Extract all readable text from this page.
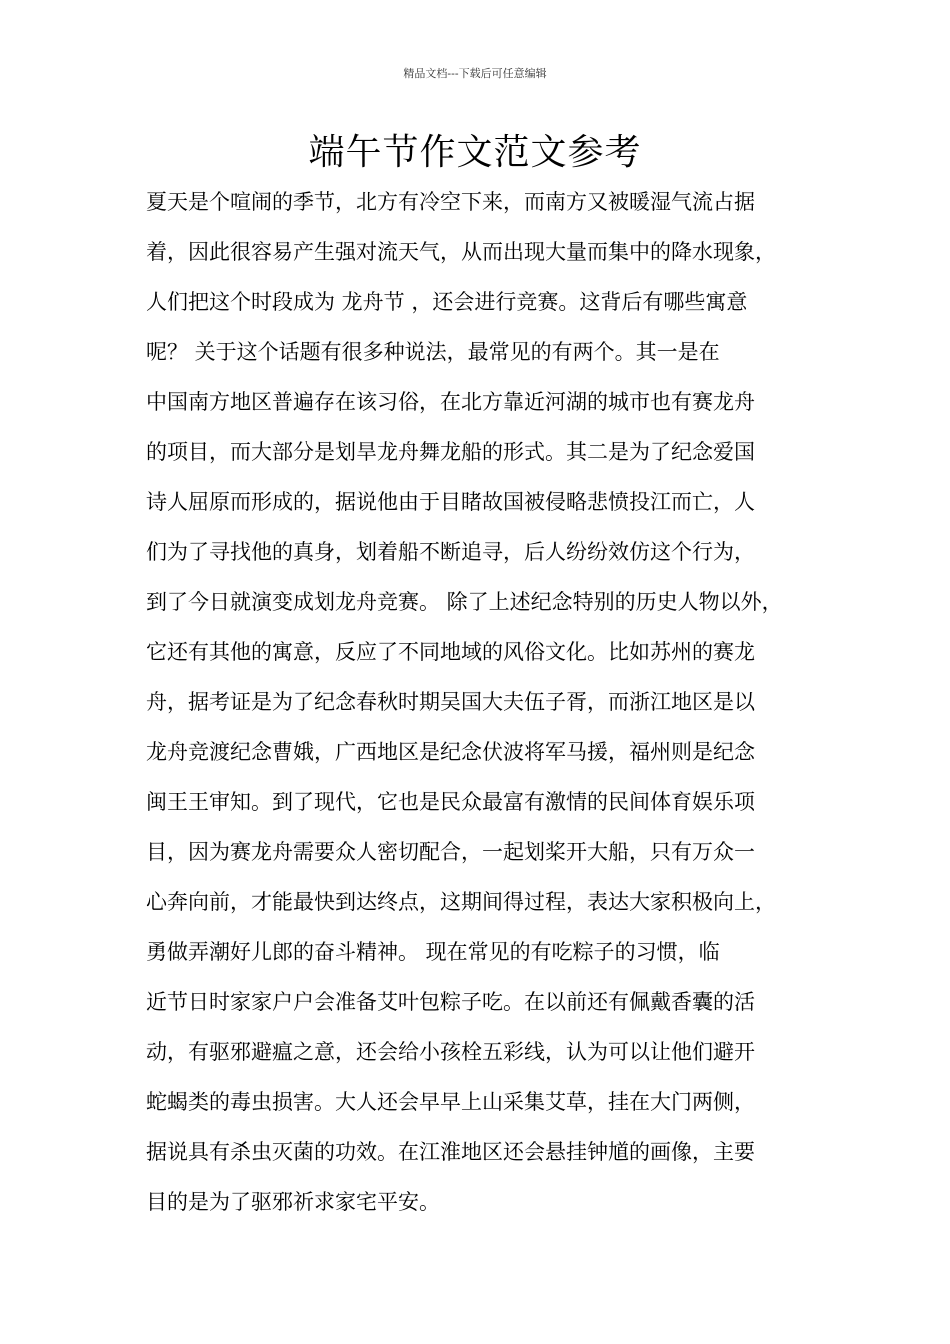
精品文档---下载后可任意编辑
端午节作文范文参考
夏天是个喧闹的季节，北方有冷空下来，而南方又被暖湿气流占据
着，因此很容易产生强对流天气，从而出现大量而集中的降水现象，
人们把这个时段成为 龙舟节 ，还会进行竞赛。这背后有哪些寓意
呢？ 关于这个话题有很多种说法，最常见的有两个。其一是在
中国南方地区普遍存在该习俗，在北方靠近河湖的城市也有赛龙舟
的项目，而大部分是划旱龙舟舞龙船的形式。其二是为了纪念爱国
诗人屈原而形成的，据说他由于目睹故国被侵略悲愤投江而亡，人
们为了寻找他的真身，划着船不断追寻，后人纷纷效仿这个行为，
到了今日就演变成划龙舟竞赛。 除了上述纪念特别的历史人物以外，
它还有其他的寓意，反应了不同地域的风俗文化。比如苏州的赛龙
舟，据考证是为了纪念春秋时期吴国大夫伍子胥，而浙江地区是以
龙舟竞渡纪念曹娥，广西地区是纪念伏波将军马援，福州则是纪念
闽王王审知。到了现代，它也是民众最富有激情的民间体育娱乐项
目，因为赛龙舟需要众人密切配合，一起划桨开大船，只有万众一
心奔向前，才能最快到达终点，这期间得过程，表达大家积极向上，
勇做弄潮好儿郎的奋斗精神。 现在常见的有吃粽子的习惯，临
近节日时家家户户会准备艾叶包粽子吃。在以前还有佩戴香囊的活
动，有驱邪避瘟之意，还会给小孩栓五彩线，认为可以让他们避开
蛇蝎类的毒虫损害。大人还会早早上山采集艾草，挂在大门两侧，
据说具有杀虫灭菌的功效。在江淮地区还会悬挂钟馗的画像，主要
目的是为了驱邪祈求家宅平安。
